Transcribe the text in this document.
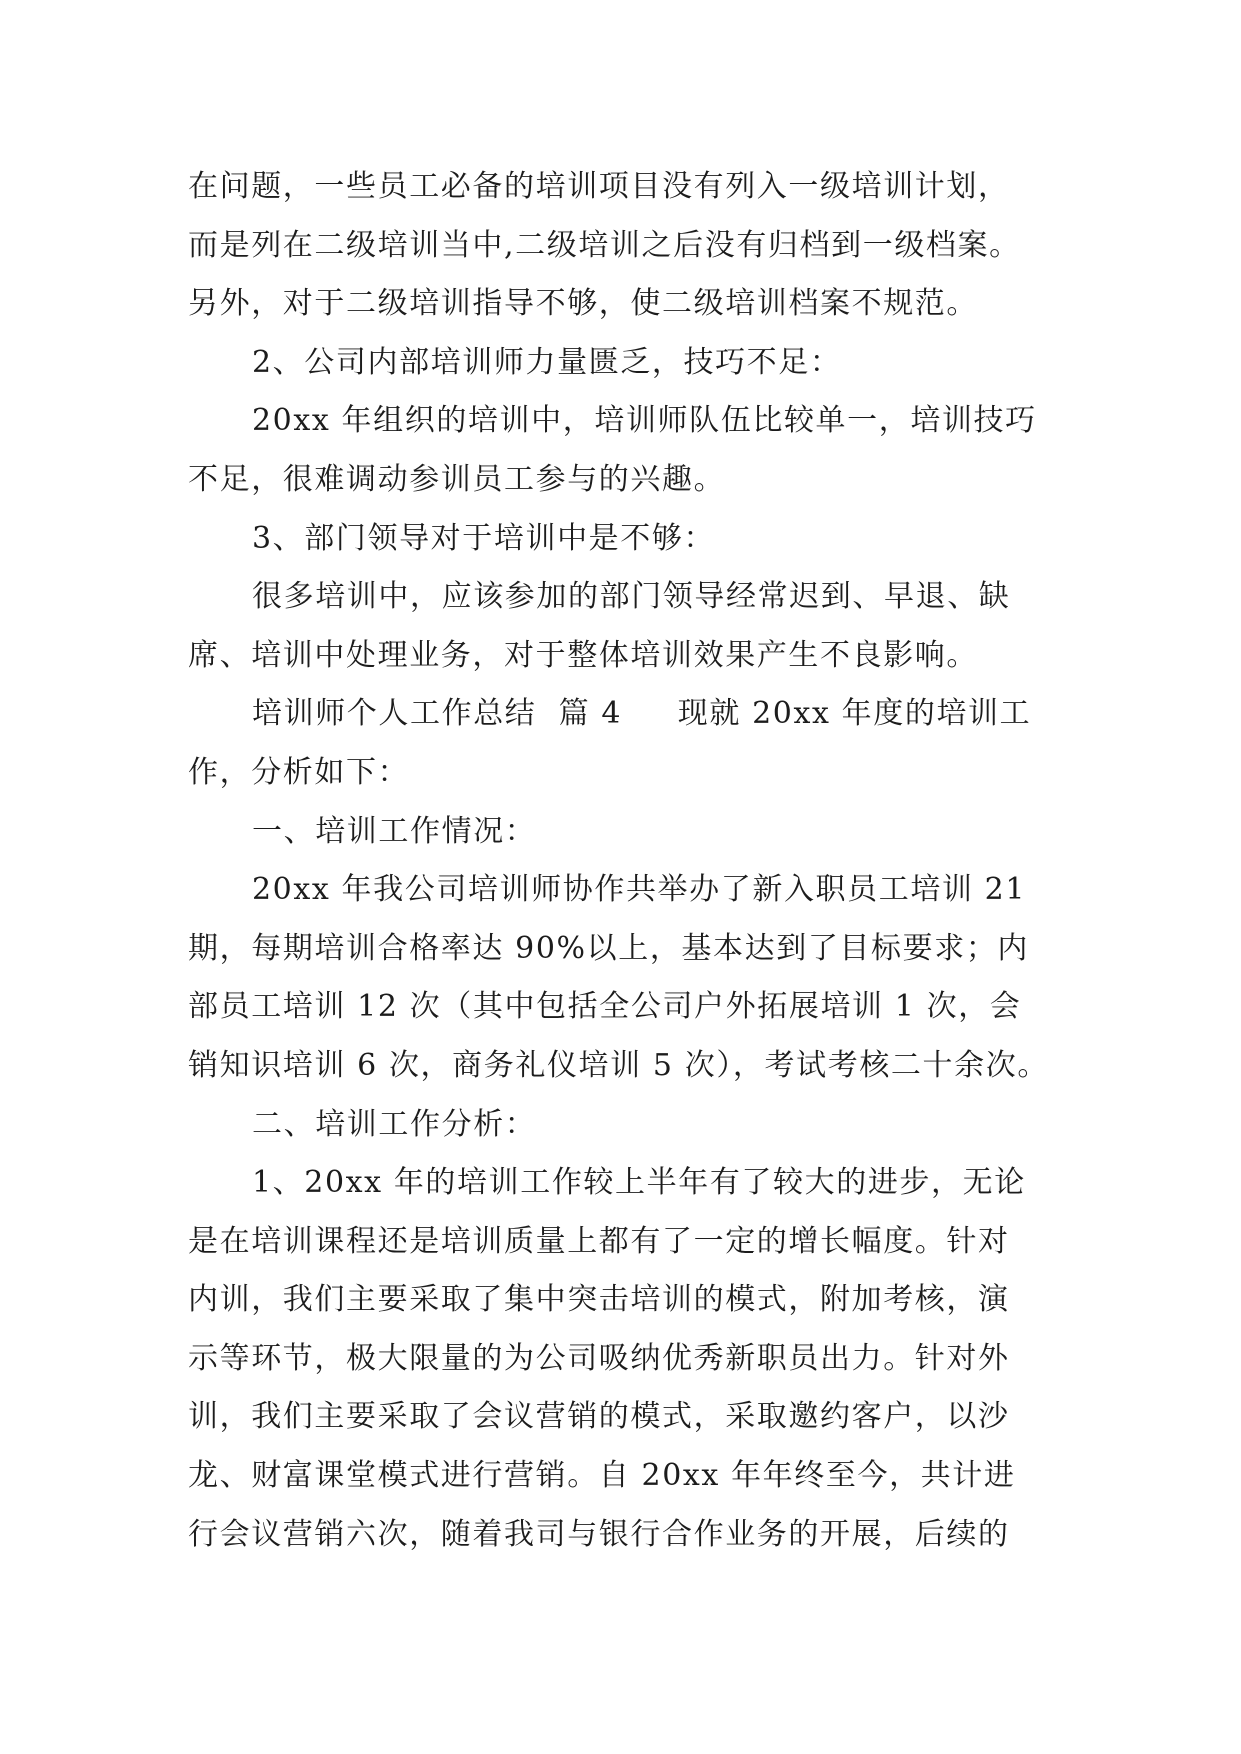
在问题，一些员工必备的培训项目没有列入一级培训计划，
而是列在二级培训当中,二级培训之后没有归档到一级档案。
另外，对于二级培训指导不够，使二级培训档案不规范。
2、公司内部培训师力量匮乏，技巧不足：
20xx 年组织的培训中，培训师队伍比较单一，培训技巧
不足，很难调动参训员工参与的兴趣。
3、部门领导对于培训中是不够：
很多培训中，应该参加的部门领导经常迟到、早退、缺
席、培训中处理业务，对于整体培训效果产生不良影响。
培训师个人工作总结  篇 4     现就 20xx 年度的培训工
作，分析如下：
一、培训工作情况：
20xx 年我公司培训师协作共举办了新入职员工培训 21
期，每期培训合格率达 90%以上，基本达到了目标要求；内
部员工培训 12 次（其中包括全公司户外拓展培训 1 次，会
销知识培训 6 次，商务礼仪培训 5 次），考试考核二十余次。
二、培训工作分析：
1、20xx 年的培训工作较上半年有了较大的进步，无论
是在培训课程还是培训质量上都有了一定的增长幅度。针对
内训，我们主要采取了集中突击培训的模式，附加考核，演
示等环节，极大限量的为公司吸纳优秀新职员出力。针对外
训，我们主要采取了会议营销的模式，采取邀约客户，以沙
龙、财富课堂模式进行营销。自 20xx 年年终至今，共计进
行会议营销六次，随着我司与银行合作业务的开展，后续的
